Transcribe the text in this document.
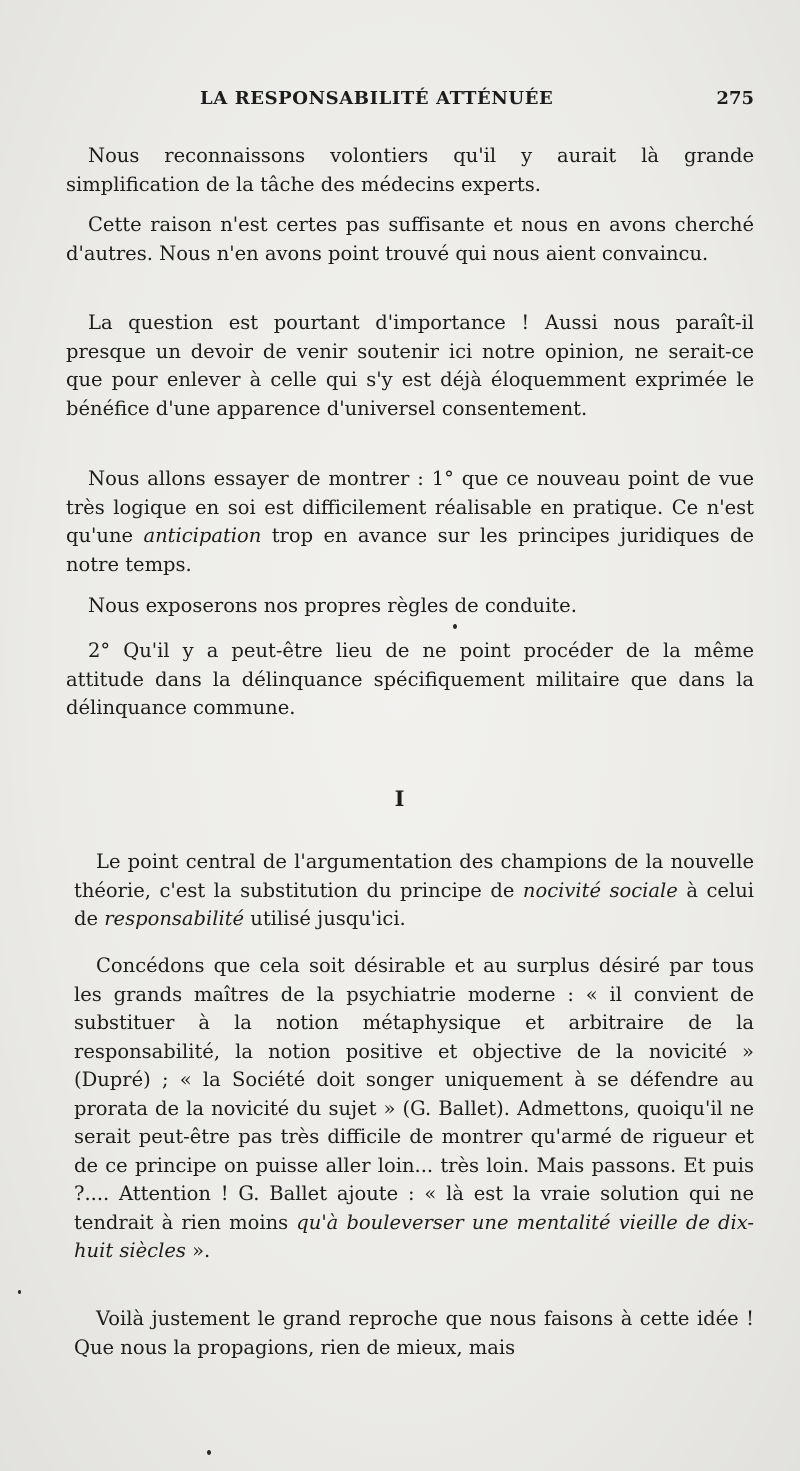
LA RESPONSABILITÉ ATTÉNUÉE	275

Nous reconnaissons volontiers qu'il y aurait là grande simplification de la tâche des médecins experts.

Cette raison n'est certes pas suffisante et nous en avons cherché d'autres. Nous n'en avons point trouvé qui nous aient convaincu.

La question est pourtant d'importance ! Aussi nous paraît-il presque un devoir de venir soutenir ici notre opinion, ne serait-ce que pour enlever à celle qui s'y est déjà éloquemment exprimée le bénéfice d'une apparence d'universel consentement.

Nous allons essayer de montrer : 1° que ce nouveau point de vue très logique en soi est difficilement réalisable en pratique. Ce n'est qu'une anticipation trop en avance sur les principes juridiques de notre temps.

Nous exposerons nos propres règles de conduite.

2° Qu'il y a peut-être lieu de ne point procéder de la même attitude dans la délinquance spécifiquement militaire que dans la délinquance commune.

I

Le point central de l'argumentation des champions de la nouvelle théorie, c'est la substitution du principe de nocivité sociale à celui de responsabilité utilisé jusqu'ici.

Concédons que cela soit désirable et au surplus désiré par tous les grands maîtres de la psychiatrie moderne : « il convient de substituer à la notion métaphysique et arbitraire de la responsabilité, la notion positive et objective de la novicité » (Dupré) ; « la Société doit songer uniquement à se défendre au prorata de la novicité du sujet » (G. Ballet). Admettons, quoiqu'il ne serait peut-être pas très difficile de montrer qu'armé de rigueur et de ce principe on puisse aller loin... très loin. Mais passons. Et puis ?.... Attention ! G. Ballet ajoute : « là est la vraie solution qui ne tendrait à rien moins qu'à bouleverser une mentalité vieille de dix-huit siècles ».

Voilà justement le grand reproche que nous faisons à cette idée ! Que nous la propagions, rien de mieux, mais
